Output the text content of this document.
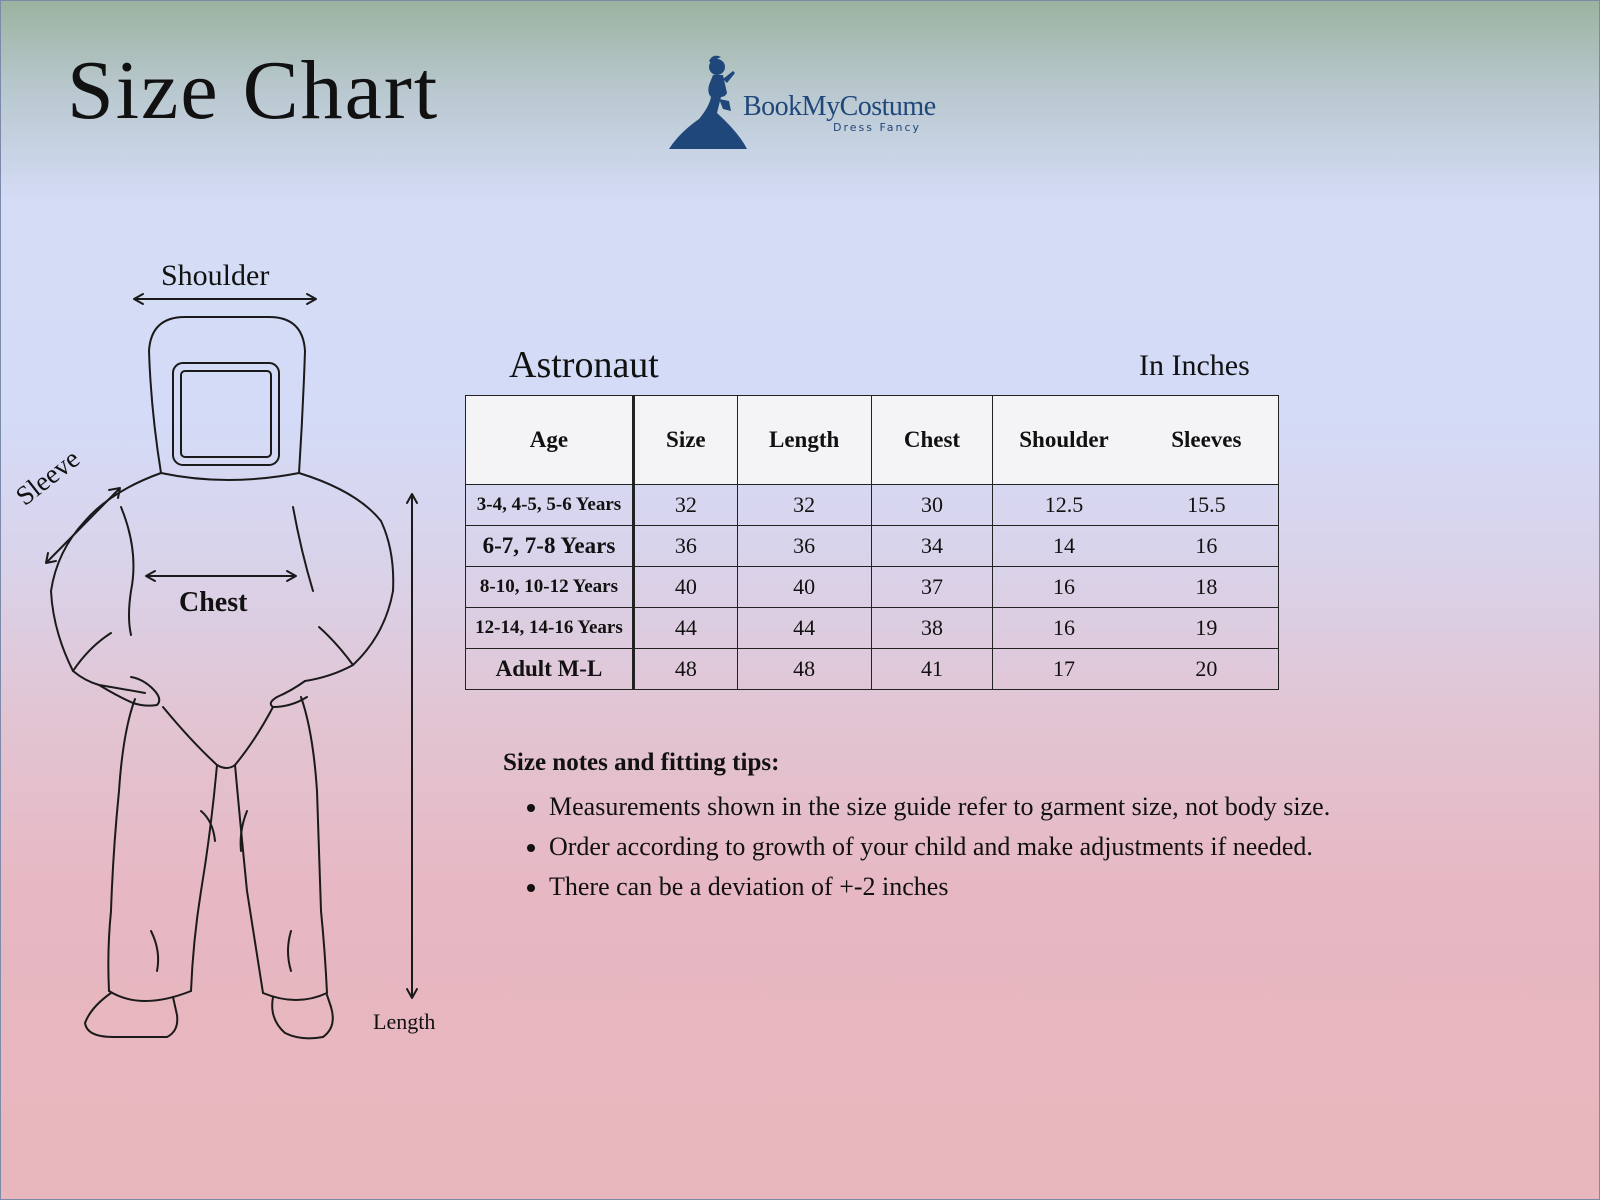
Size Chart	BookMyCostume
Dress Fancy
Shoulder
Chest
Sleeve
Length
Astronaut	In Inches
Age	Size	Length	Chest	Shoulder	Sleeves
3-4, 4-5, 5-6 Years	32	32	30	12.5	15.5
6-7, 7-8 Years	36	36	34	14	16
8-10, 10-12 Years	40	40	37	16	18
12-14, 14-16 Years	44	44	38	16	19
Adult M-L	48	48	41	17	20
Size notes and fitting tips:
• Measurements shown in the size guide refer to garment size, not body size.
• Order according to growth of your child and make adjustments if needed.
• There can be a deviation of +-2 inches
